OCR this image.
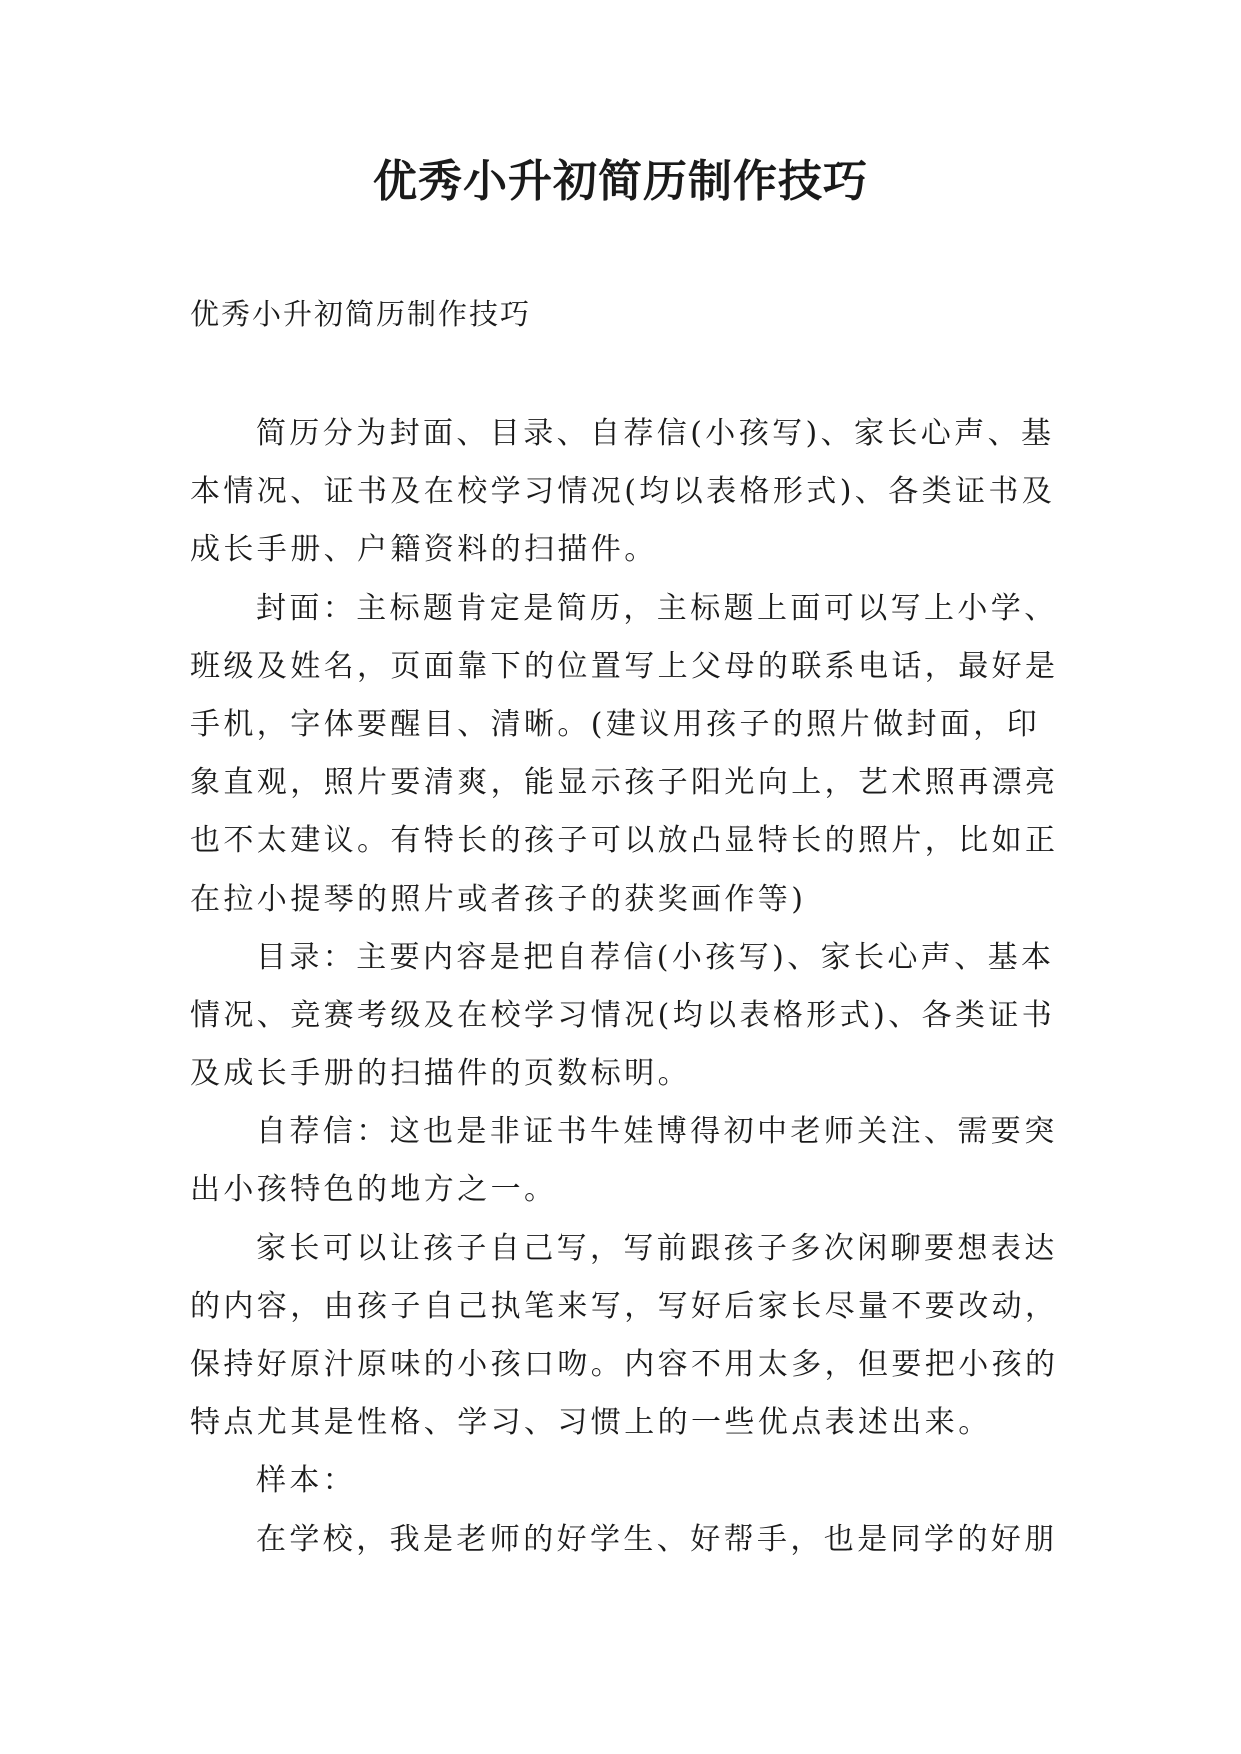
优秀小升初简历制作技巧

优秀小升初简历制作技巧

简历分为封面、目录、自荐信(小孩写)、家长心声、基
本情况、证书及在校学习情况(均以表格形式)、各类证书及
成长手册、户籍资料的扫描件。
封面：主标题肯定是简历，主标题上面可以写上小学、
班级及姓名，页面靠下的位置写上父母的联系电话，最好是
手机，字体要醒目、清晰。(建议用孩子的照片做封面，印
象直观，照片要清爽，能显示孩子阳光向上，艺术照再漂亮
也不太建议。有特长的孩子可以放凸显特长的照片，比如正
在拉小提琴的照片或者孩子的获奖画作等)
目录：主要内容是把自荐信(小孩写)、家长心声、基本
情况、竞赛考级及在校学习情况(均以表格形式)、各类证书
及成长手册的扫描件的页数标明。
自荐信：这也是非证书牛娃博得初中老师关注、需要突
出小孩特色的地方之一。
家长可以让孩子自己写，写前跟孩子多次闲聊要想表达
的内容，由孩子自己执笔来写，写好后家长尽量不要改动，
保持好原汁原味的小孩口吻。内容不用太多，但要把小孩的
特点尤其是性格、学习、习惯上的一些优点表述出来。
样本：
在学校，我是老师的好学生、好帮手，也是同学的好朋
